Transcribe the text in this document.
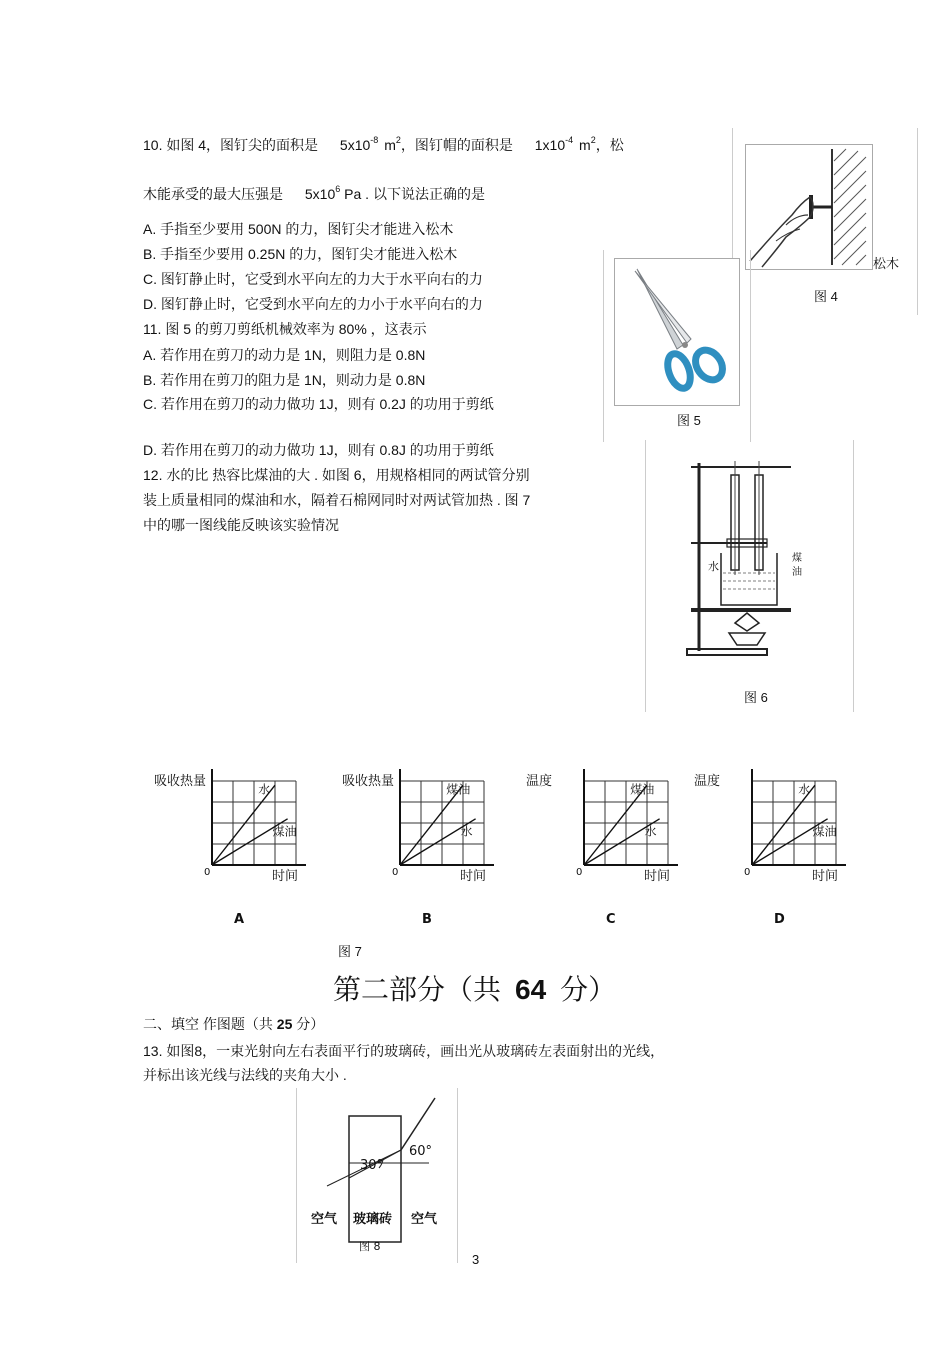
10. 如图 4，图钉尖的面积是 $5x10^{-8}$ $m^2$，图钉帽的面积是 $1x10^{-4}$ $m^2$，松
木能承受的最大压强是 $5x10^6$ Pa . 以下说法正确的是
A. 手指至少要用 500N 的力，图钉尖才能进入松木
B. 手指至少要用 0.25N 的力，图钉尖才能进入松木
C. 图钉静止时，它受到水平向左的力大于水平向右的力
D. 图钉静止时，它受到水平向左的力小于水平向右的力
11. 图 5 的剪刀剪纸机械效率为 80% ，这表示
A. 若作用在剪刀的动力是 1N，则阻力是 0.8N
B. 若作用在剪刀的阻力是 1N，则动力是 0.8N
C. 若作用在剪刀的动力做功 1J，则有 0.2J 的功用于剪纸
D. 若作用在剪刀的动力做功 1J，则有 0.8J 的功用于剪纸
12. 水的比 热容比煤油的大 . 如图 6，用规格相同的两试管分别
装上质量相同的煤油和水，隔着石棉网同时对两试管加热 . 图 7
中的哪一图线能反映该实验情况
松木
图 4
图 5
水
煤油
图 6
吸收热量
时间
0
水
煤油
A
吸收热量
时间
0
煤油
水
B
温度
时间
0
煤油
水
C
温度
时间
0
水
煤油
D
图 7
第二部分（共 64 分）
二、填空 作图题（共 25 分）
13. 如图8，一束光射向左右表面平行的玻璃砖，画出光从玻璃砖左表面射出的光线，
并标出该光线与法线的夹角大小 .
30°
60°
空气 玻璃砖 空气
图 8
3
